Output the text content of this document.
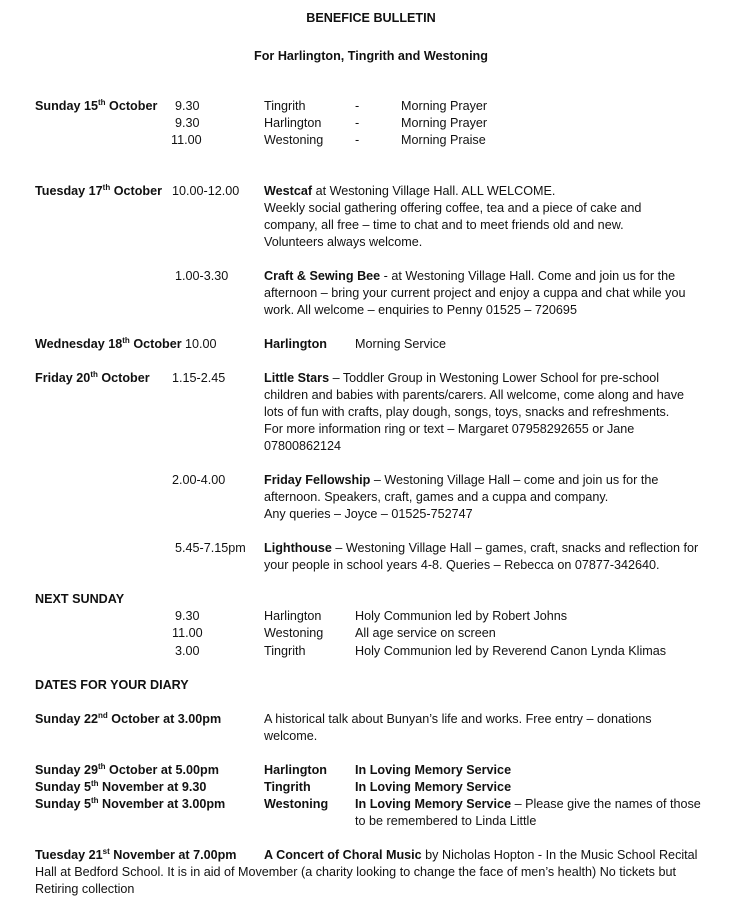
BENEFICE BULLETIN
For Harlington, Tingrith and Westoning
Sunday 15th October 9.30	Tingrith	-	Morning Prayer
9.30	Harlington	-	Morning Prayer
11.00	Westoning	-	Morning Praise
Tuesday 17th October 10.00-12.00 Westcaf at Westoning Village Hall. ALL WELCOME.
Weekly social gathering offering coffee, tea and a piece of cake and
company, all free – time to chat and to meet friends old and new.
Volunteers always welcome.
1.00-3.30	Craft & Sewing Bee - at Westoning Village Hall. Come and join us for the
afternoon – bring your current project and enjoy a cuppa and chat while you
work. All welcome – enquiries to Penny 01525 – 720695
Wednesday 18th October 10.00	Harlington Morning Service
Friday 20th October 1.15-2.45	Little Stars – Toddler Group in Westoning Lower School for pre-school
children and babies with parents/carers. All welcome, come along and have
lots of fun with crafts, play dough, songs, toys, snacks and refreshments.
For more information ring or text – Margaret 07958292655 or Jane
07800862124
2.00-4.00	Friday Fellowship – Westoning Village Hall – come and join us for the
afternoon. Speakers, craft, games and a cuppa and company.
Any queries – Joyce – 01525-752747
5.45-7.15pm Lighthouse – Westoning Village Hall – games, craft, snacks and reflection for
your people in school years 4-8. Queries – Rebecca on 07877-342640.
NEXT SUNDAY
9.30	Harlington	Holy Communion led by Robert Johns
11.00	Westoning	All age service on screen
3.00	Tingrith	Holy Communion led by Reverend Canon Lynda Klimas
DATES FOR YOUR DIARY
Sunday 22nd October at 3.00pm	A historical talk about Bunyan’s life and works. Free entry – donations
welcome.
Sunday 29th October at 5.00pm	Harlington In Loving Memory Service
Sunday 5th November at 9.30	Tingrith	In Loving Memory Service
Sunday 5th November at 3.00pm	Westoning In Loving Memory Service – Please give the names of those
to be remembered to Linda Little
Tuesday 21st November at 7.00pm A Concert of Choral Music by Nicholas Hopton - In the Music School Recital
Hall at Bedford School. It is in aid of Movember (a charity looking to change the face of men’s health) No tickets but
Retiring collection
